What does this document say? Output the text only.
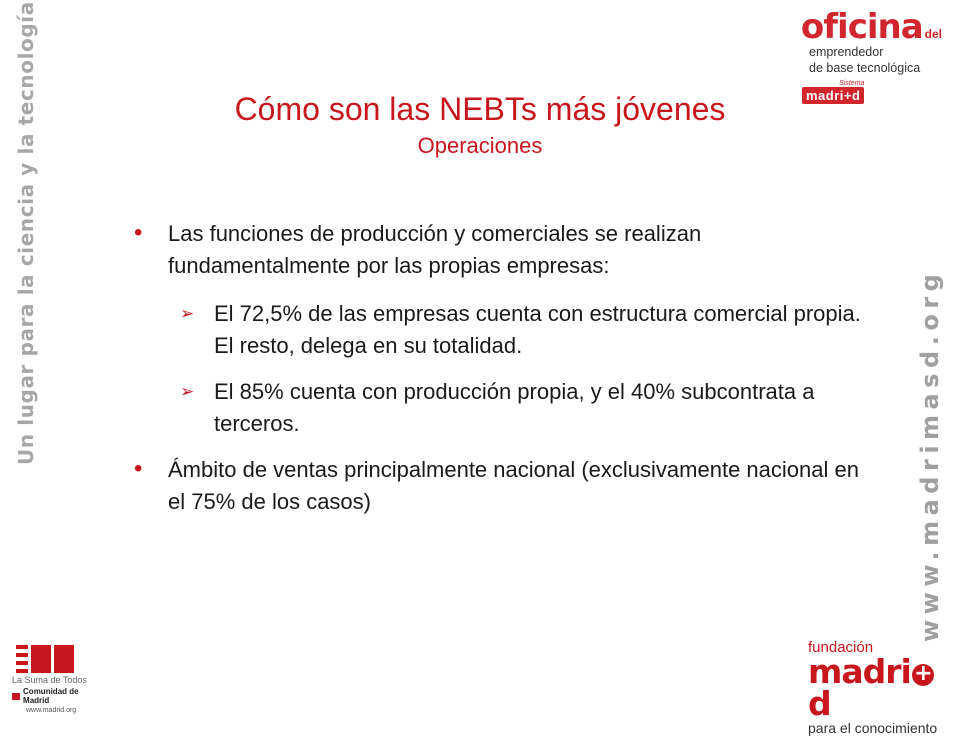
oficina del
emprendedor
de base tecnológica
Sistema
madri+d
Un lugar para la ciencia y la tecnología	www.madrimasd.org
Cómo son las NEBTs más jóvenes
Operaciones
• Las funciones de producción y comerciales se realizan fundamentalmente por las propias empresas:
➢ El 72,5% de las empresas cuenta con estructura comercial propia. El resto, delega en su totalidad.
➢ El 85% cuenta con producción propia, y el 40% subcontrata a terceros.
• Ámbito de ventas principalmente nacional (exclusivamente nacional en el 75% de los casos)
La Suma de Todos
Comunidad de Madrid
www.madrid.org
fundación
madri +d
para el conocimiento
